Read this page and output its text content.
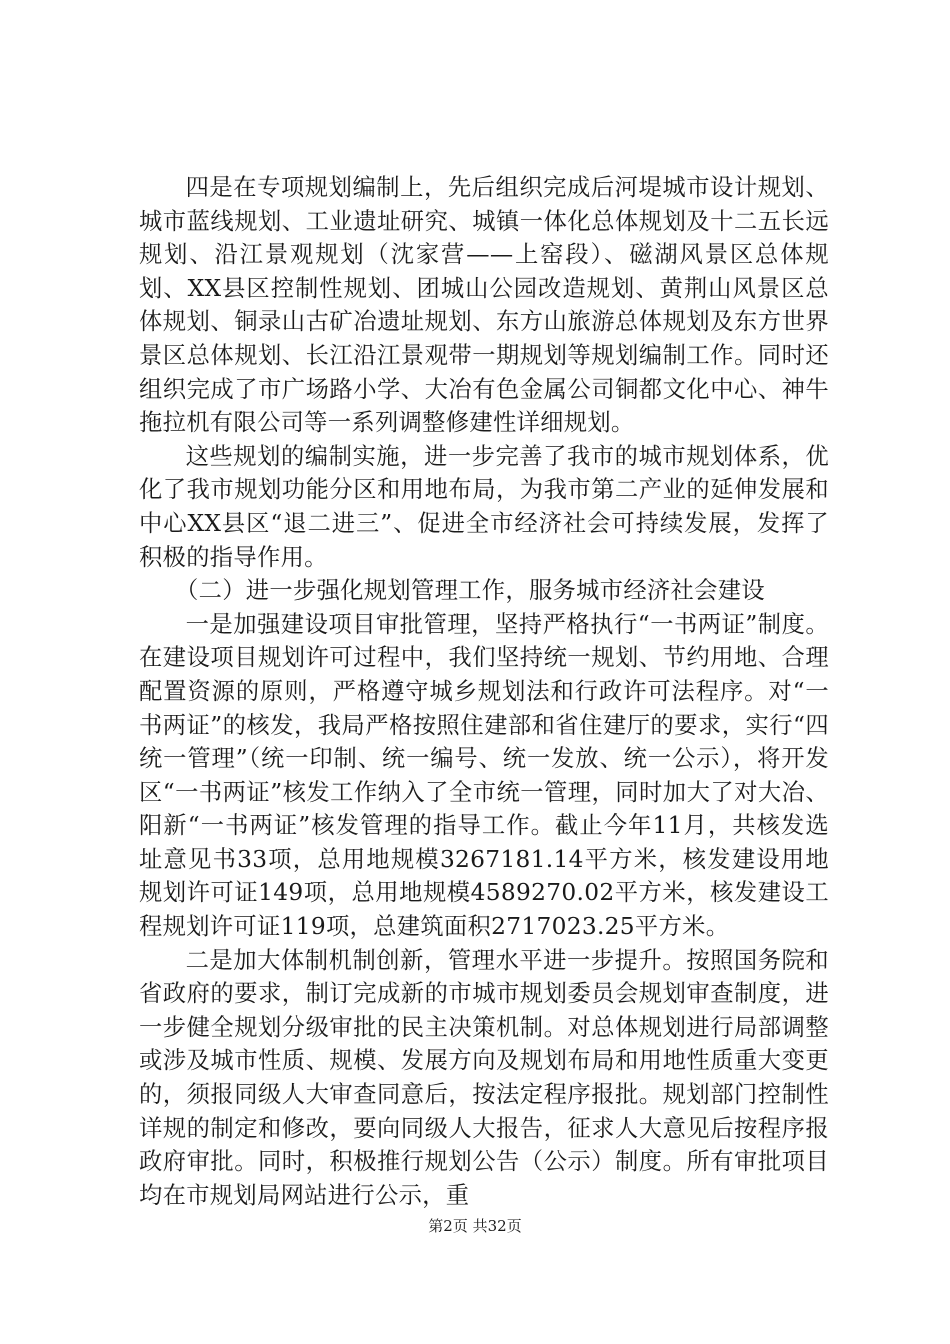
四是在专项规划编制上，先后组织完成后河堤城市设计规划、城市蓝线规划、工业遗址研究、城镇一体化总体规划及十二五长远规划、沿江景观规划（沈家营——上窑段）、磁湖风景区总体规划、XX县区控制性规划、团城山公园改造规划、黄荆山风景区总体规划、铜录山古矿冶遗址规划、东方山旅游总体规划及东方世界景区总体规划、长江沿江景观带一期规划等规划编制工作。同时还组织完成了市广场路小学、大冶有色金属公司铜都文化中心、神牛拖拉机有限公司等一系列调整修建性详细规划。

这些规划的编制实施，进一步完善了我市的城市规划体系，优化了我市规划功能分区和用地布局，为我市第二产业的延伸发展和中心XX县区“退二进三”、促进全市经济社会可持续发展，发挥了积极的指导作用。

（二）进一步强化规划管理工作，服务城市经济社会建设

一是加强建设项目审批管理，坚持严格执行“一书两证”制度。在建设项目规划许可过程中，我们坚持统一规划、节约用地、合理配置资源的原则，严格遵守城乡规划法和行政许可法程序。对“一书两证”的核发，我局严格按照住建部和省住建厅的要求，实行“四统一管理”（统一印制、统一编号、统一发放、统一公示），将开发区“一书两证”核发工作纳入了全市统一管理，同时加大了对大冶、阳新“一书两证”核发管理的指导工作。截止今年11月，共核发选址意见书33项，总用地规模3267181.14平方米，核发建设用地规划许可证149项，总用地规模4589270.02平方米，核发建设工程规划许可证119项，总建筑面积2717023.25平方米。

二是加大体制机制创新，管理水平进一步提升。按照国务院和省政府的要求，制订完成新的市城市规划委员会规划审查制度，进一步健全规划分级审批的民主决策机制。对总体规划进行局部调整或涉及城市性质、规模、发展方向及规划布局和用地性质重大变更的，须报同级人大审查同意后，按法定程序报批。规划部门控制性详规的制定和修改，要向同级人大报告，征求人大意见后按程序报政府审批。同时，积极推行规划公告（公示）制度。所有审批项目均在市规划局网站进行公示，重

第2页 共32页
